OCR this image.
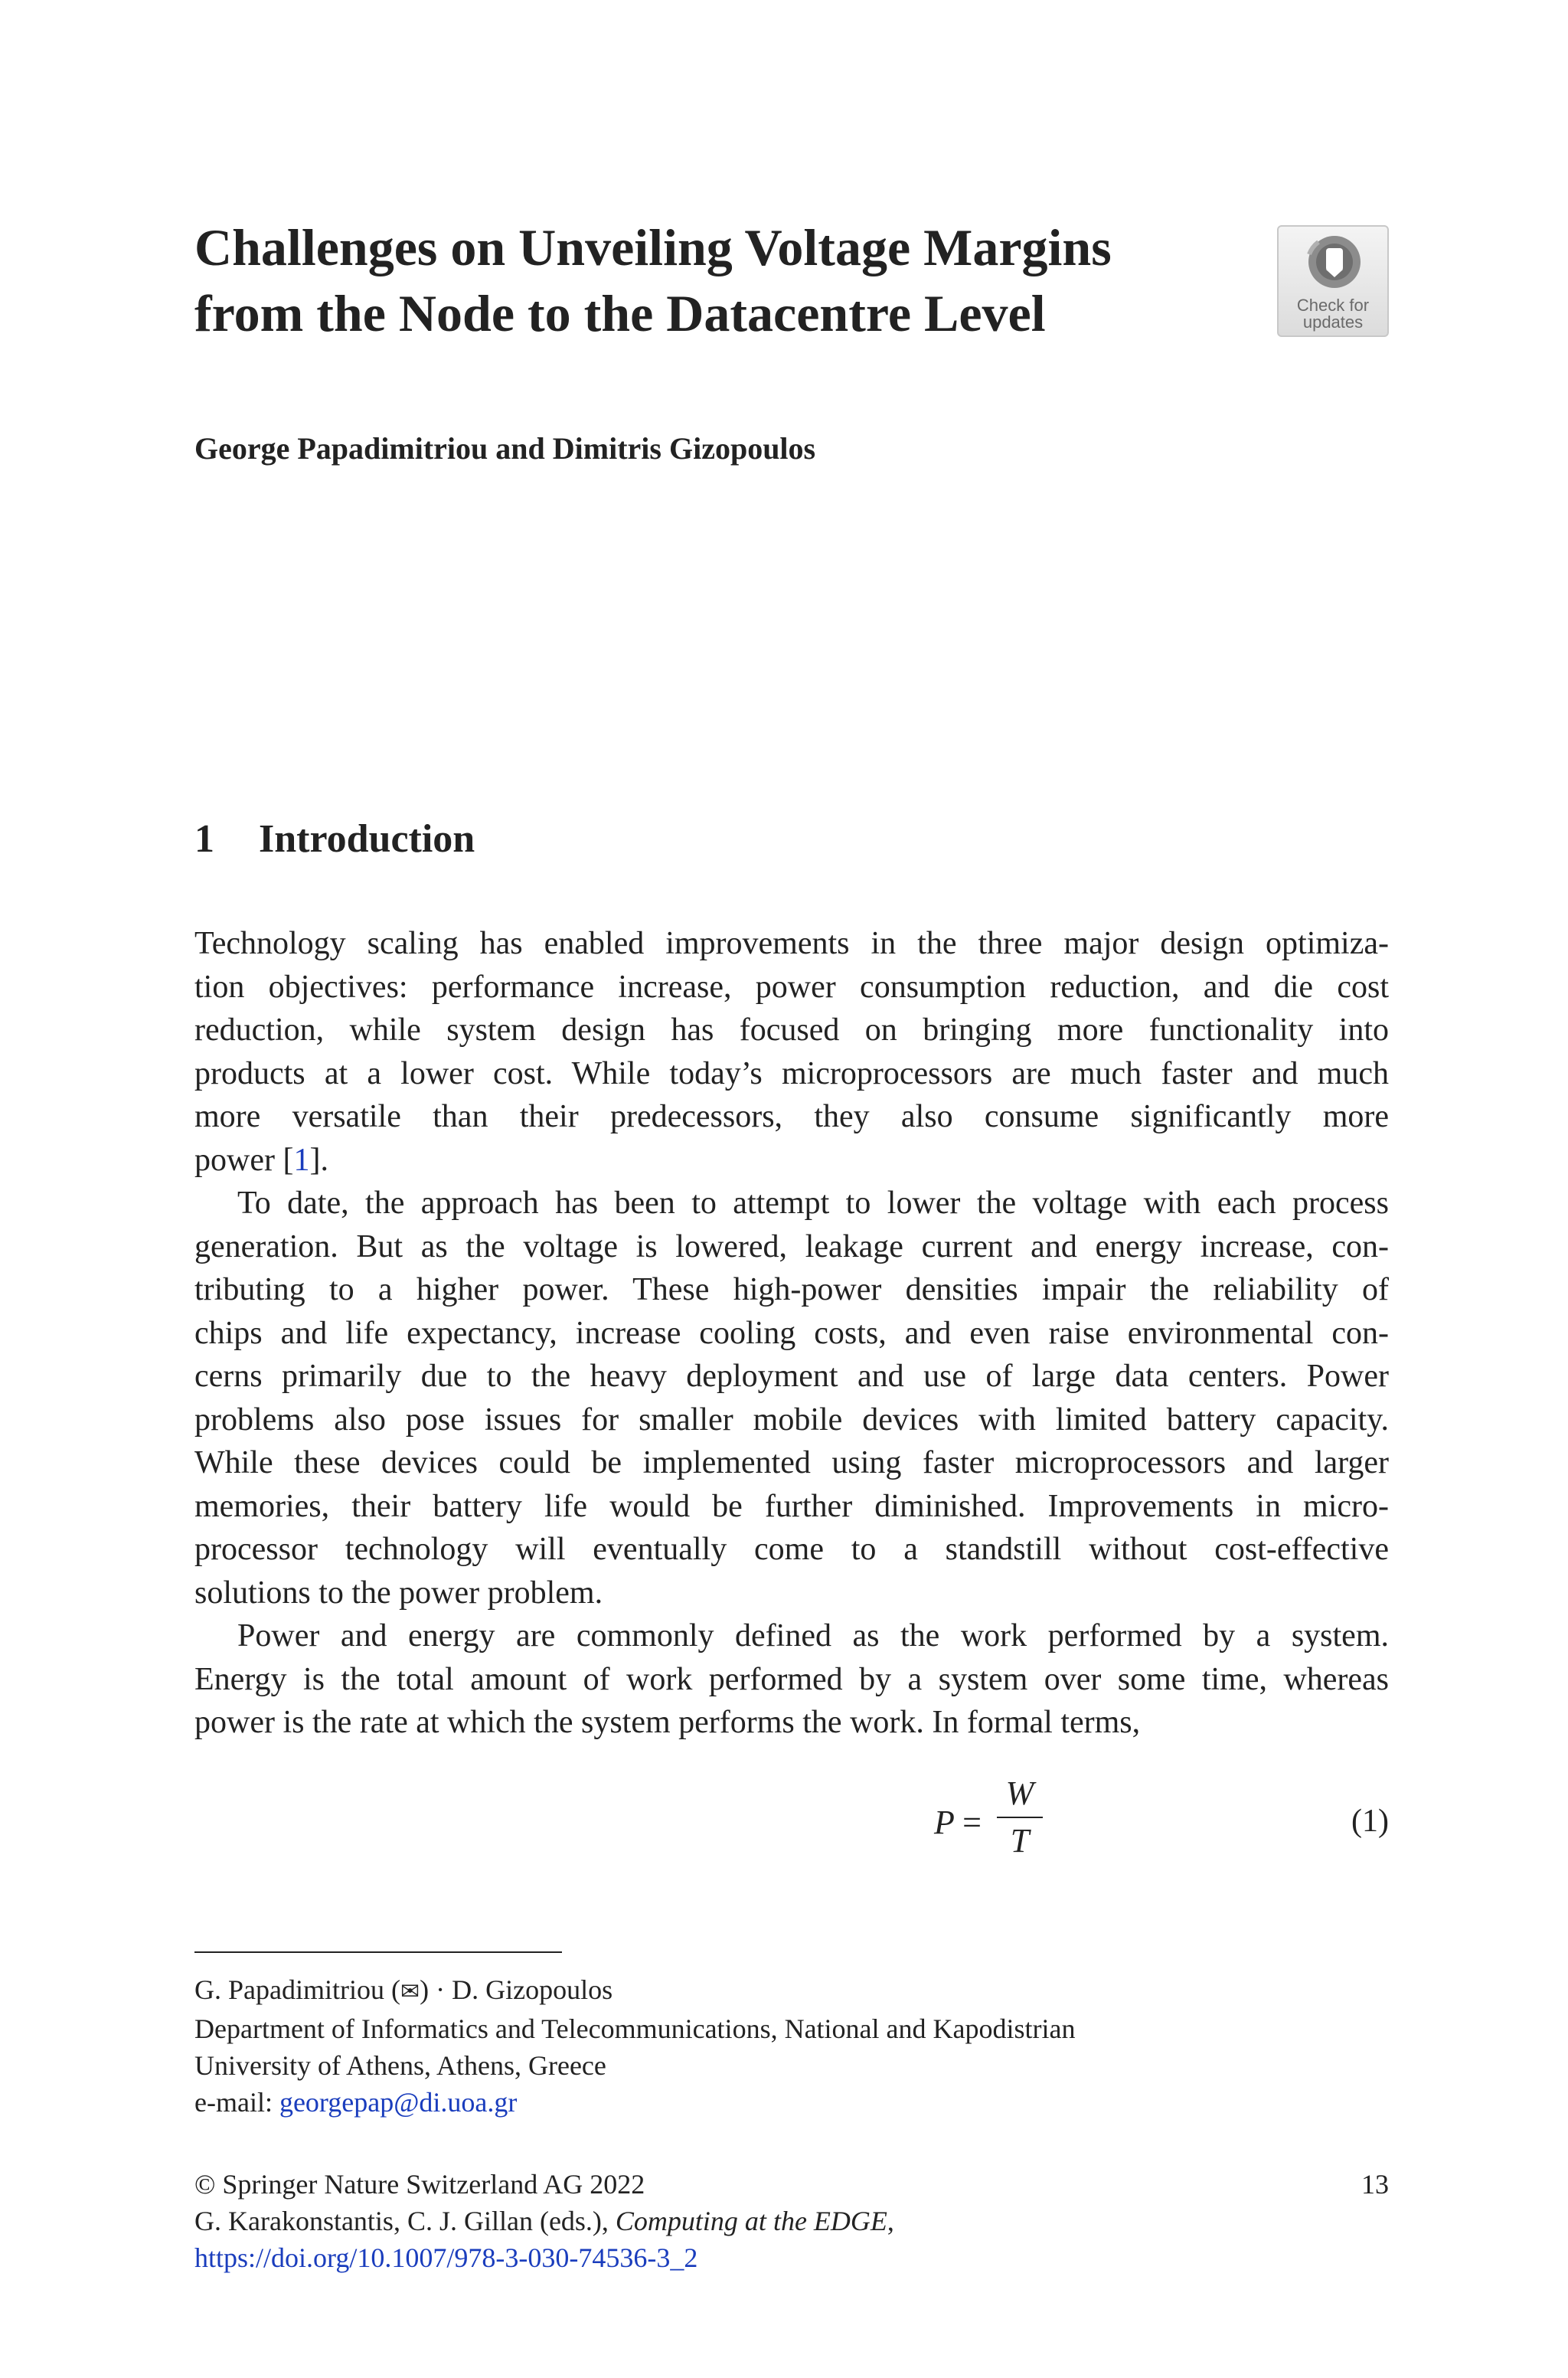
Challenges on Unveiling Voltage Margins
from the Node to the Datacentre Level	Check for
updates
George Papadimitriou and Dimitris Gizopoulos
1 Introduction
Technology scaling has enabled improvements in the three major design optimiza-
tion objectives: performance increase, power consumption reduction, and die cost
reduction, while system design has focused on bringing more functionality into
products at a lower cost. While today’s microprocessors are much faster and much
more versatile than their predecessors, they also consume significantly more
power [1].
To date, the approach has been to attempt to lower the voltage with each process
generation. But as the voltage is lowered, leakage current and energy increase, con-
tributing to a higher power. These high-power densities impair the reliability of
chips and life expectancy, increase cooling costs, and even raise environmental con-
cerns primarily due to the heavy deployment and use of large data centers. Power
problems also pose issues for smaller mobile devices with limited battery capacity.
While these devices could be implemented using faster microprocessors and larger
memories, their battery life would be further diminished. Improvements in micro-
processor technology will eventually come to a standstill without cost-effective
solutions to the power problem.
Power and energy are commonly defined as the work performed by a system.
Energy is the total amount of work performed by a system over some time, whereas
power is the rate at which the system performs the work. In formal terms,
P =
W
T
(1)
G. Papadimitriou (✉) · D. Gizopoulos
Department of Informatics and Telecommunications, National and Kapodistrian
University of Athens, Athens, Greece
e-mail: georgepap@di.uoa.gr
© Springer Nature Switzerland AG 2022
G. Karakonstantis, C. J. Gillan (eds.), Computing at the EDGE,
https://doi.org/10.1007/978-3-030-74536-3_2
13
